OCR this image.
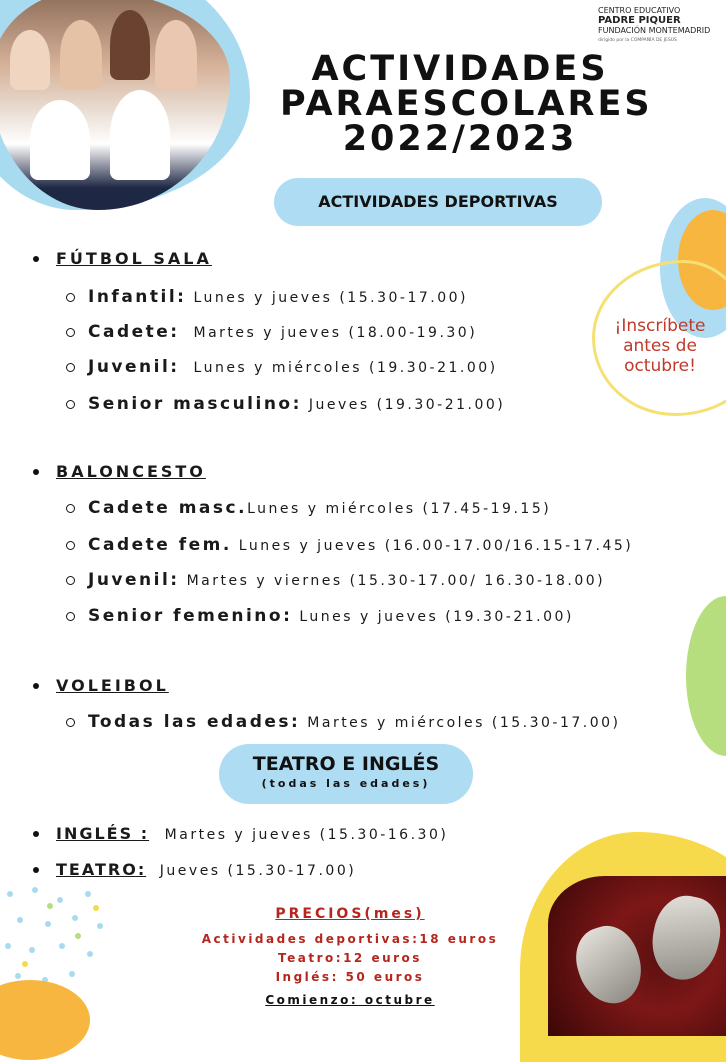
CENTRO EDUCATIVO
PADRE PIQUER
FUNDACIÓN MONTEMADRID
dirigido por la COMPAÑÍA DE JESÚS
ACTIVIDADES
PARAESCOLARES
2022/2023
ACTIVIDADES DEPORTIVAS
¡Inscríbete
antes de
octubre!
FÚTBOL SALA
Infantil: Lunes y jueves (15.30-17.00)
Cadete: Martes y jueves (18.00-19.30)
Juvenil: Lunes y miércoles (19.30-21.00)
Senior masculino: Jueves (19.30-21.00)
BALONCESTO
Cadete masc.Lunes y miércoles (17.45-19.15)
Cadete fem. Lunes y jueves (16.00-17.00/16.15-17.45)
Juvenil: Martes y viernes (15.30-17.00/ 16.30-18.00)
Senior femenino: Lunes y jueves (19.30-21.00)
VOLEIBOL
Todas las edades: Martes y miércoles (15.30-17.00)
TEATRO E INGLÉS
(todas las edades)
INGLÉS : Martes y jueves (15.30-16.30)
TEATRO: Jueves (15.30-17.00)
PRECIOS(mes)
Actividades deportivas:18 euros
Teatro:12 euros
Inglés: 50 euros
Comienzo: octubre
